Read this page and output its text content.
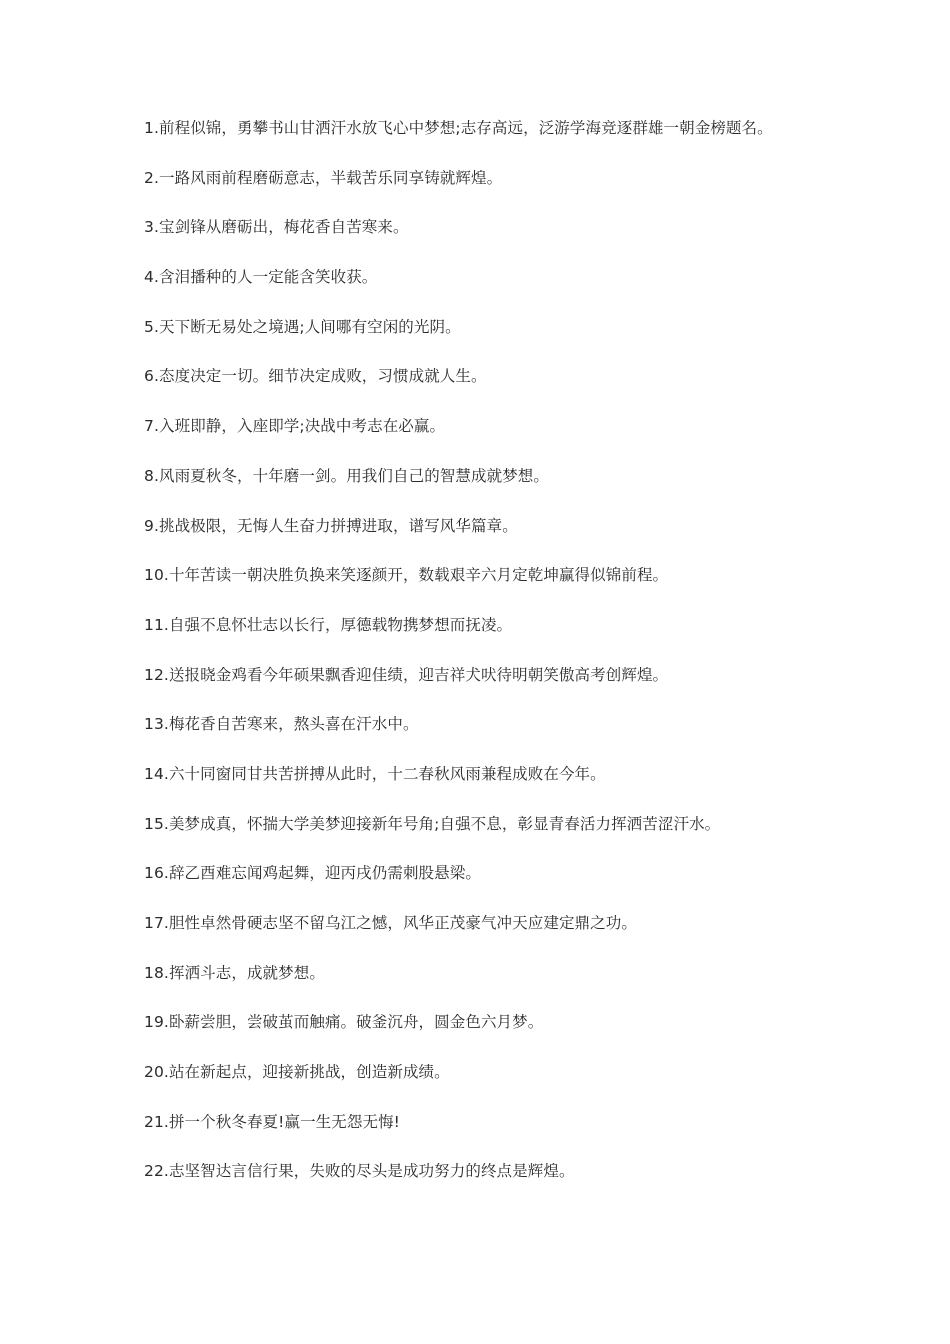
1.前程似锦，勇攀书山甘洒汗水放飞心中梦想;志存高远，泛游学海竞逐群雄一朝金榜题名。
2.一路风雨前程磨砺意志，半载苦乐同享铸就辉煌。
3.宝剑锋从磨砺出，梅花香自苦寒来。
4.含泪播种的人一定能含笑收获。
5.天下断无易处之境遇;人间哪有空闲的光阴。
6.态度决定一切。细节决定成败，习惯成就人生。
7.入班即静，入座即学;决战中考志在必赢。
8.风雨夏秋冬，十年磨一剑。用我们自己的智慧成就梦想。
9.挑战极限，无悔人生奋力拼搏进取，谱写风华篇章。
10.十年苦读一朝决胜负换来笑逐颜开，数载艰辛六月定乾坤赢得似锦前程。
11.自强不息怀壮志以长行，厚德载物携梦想而抚凌。
12.送报晓金鸡看今年硕果飘香迎佳绩，迎吉祥犬吠待明朝笑傲高考创辉煌。
13.梅花香自苦寒来，熬头喜在汗水中。
14.六十同窗同甘共苦拼搏从此时，十二春秋风雨兼程成败在今年。
15.美梦成真，怀揣大学美梦迎接新年号角;自强不息，彰显青春活力挥洒苦涩汗水。
16.辞乙酉难忘闻鸡起舞，迎丙戌仍需刺股悬梁。
17.胆性卓然骨硬志坚不留乌江之憾，风华正茂豪气冲天应建定鼎之功。
18.挥洒斗志，成就梦想。
19.卧薪尝胆，尝破茧而触痛。破釜沉舟，圆金色六月梦。
20.站在新起点，迎接新挑战，创造新成绩。
21.拼一个秋冬春夏!赢一生无怨无悔!
22.志坚智达言信行果，失败的尽头是成功努力的终点是辉煌。
